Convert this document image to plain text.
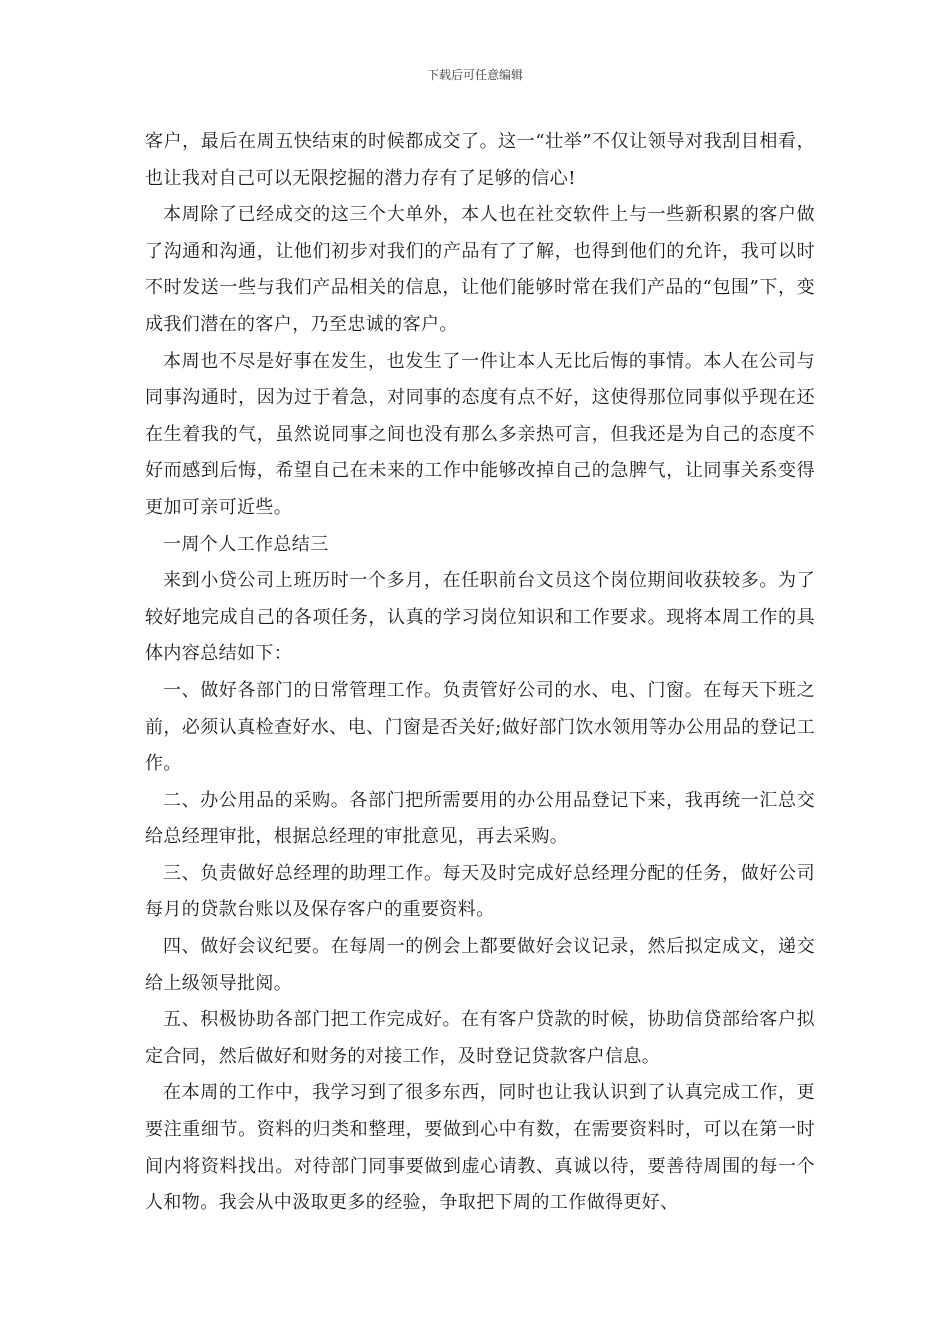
下载后可任意编辑

客户，最后在周五快结束的时候都成交了。这一“壮举”不仅让领导对我刮目相看，也让我对自己可以无限挖掘的潜力存有了足够的信心!

本周除了已经成交的这三个大单外，本人也在社交软件上与一些新积累的客户做了沟通和沟通，让他们初步对我们的产品有了了解，也得到他们的允许，我可以时不时发送一些与我们产品相关的信息，让他们能够时常在我们产品的“包围”下，变成我们潜在的客户，乃至忠诚的客户。

本周也不尽是好事在发生，也发生了一件让本人无比后悔的事情。本人在公司与同事沟通时，因为过于着急，对同事的态度有点不好，这使得那位同事似乎现在还在生着我的气，虽然说同事之间也没有那么多亲热可言，但我还是为自己的态度不好而感到后悔，希望自己在未来的工作中能够改掉自己的急脾气，让同事关系变得更加可亲可近些。

一周个人工作总结三

来到小贷公司上班历时一个多月，在任职前台文员这个岗位期间收获较多。为了较好地完成自己的各项任务，认真的学习岗位知识和工作要求。现将本周工作的具体内容总结如下：

一、做好各部门的日常管理工作。负责管好公司的水、电、门窗。在每天下班之前，必须认真检查好水、电、门窗是否关好;做好部门饮水领用等办公用品的登记工作。

二、办公用品的采购。各部门把所需要用的办公用品登记下来，我再统一汇总交给总经理审批，根据总经理的审批意见，再去采购。

三、负责做好总经理的助理工作。每天及时完成好总经理分配的任务，做好公司每月的贷款台账以及保存客户的重要资料。

四、做好会议纪要。在每周一的例会上都要做好会议记录，然后拟定成文，递交给上级领导批阅。

五、积极协助各部门把工作完成好。在有客户贷款的时候，协助信贷部给客户拟定合同，然后做好和财务的对接工作，及时登记贷款客户信息。

在本周的工作中，我学习到了很多东西，同时也让我认识到了认真完成工作，更要注重细节。资料的归类和整理，要做到心中有数，在需要资料时，可以在第一时间内将资料找出。对待部门同事要做到虚心请教、真诚以待，要善待周围的每一个人和物。我会从中汲取更多的经验，争取把下周的工作做得更好、
